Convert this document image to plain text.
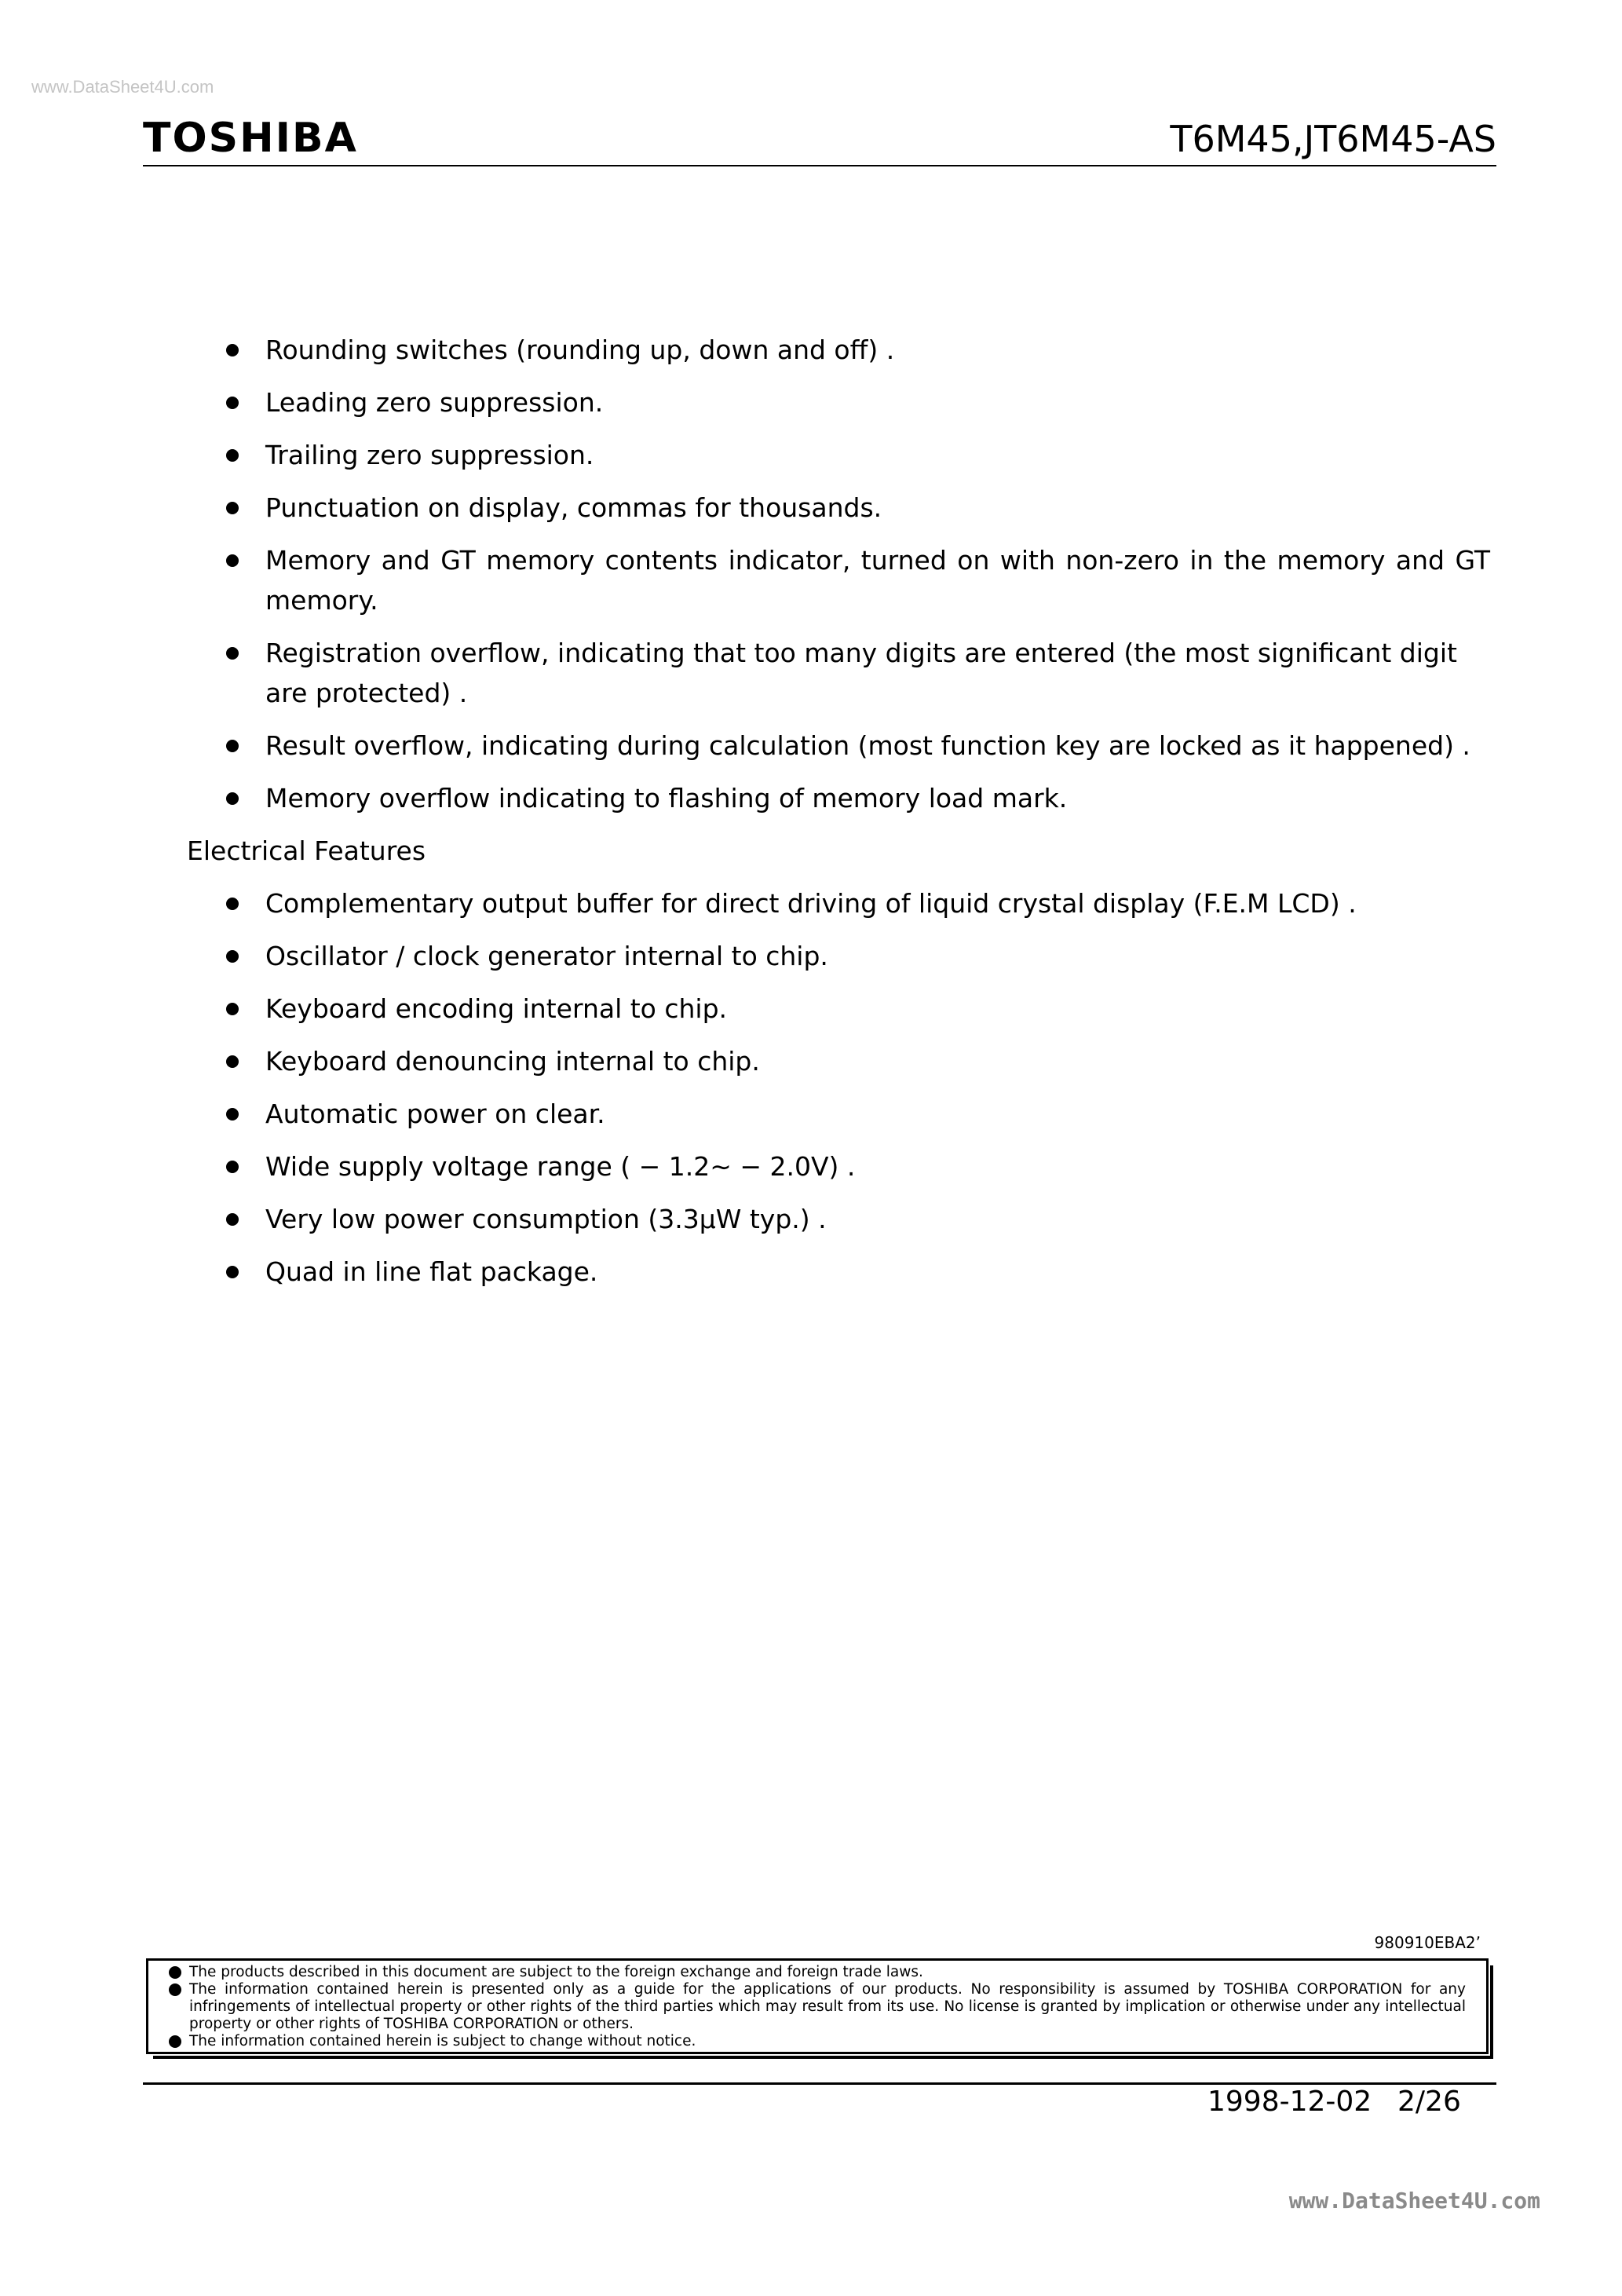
www.DataSheet4U.com
TOSHIBA	T6M45,JT6M45-AS
Rounding switches (rounding up, down and off) .
Leading zero suppression.
Trailing zero suppression.
Punctuation on display, commas for thousands.
Memory and GT memory contents indicator, turned on with non-zero in the memory and GT memory.
Registration overflow, indicating that too many digits are entered (the most significant digit are protected) .
Result overflow, indicating during calculation (most function key are locked as it happened) .
Memory overflow indicating to flashing of memory load mark.
Electrical Features
Complementary output buffer for direct driving of liquid crystal display (F.E.M LCD) .
Oscillator / clock generator internal to chip.
Keyboard encoding internal to chip.
Keyboard denouncing internal to chip.
Automatic power on clear.
Wide supply voltage range ( − 1.2∼ − 2.0V) .
Very low power consumption (3.3μW typ.) .
Quad in line flat package.
980910EBA2’
The products described in this document are subject to the foreign exchange and foreign trade laws.
The information contained herein is presented only as a guide for the applications of our products. No responsibility is assumed by TOSHIBA CORPORATION for any infringements of intellectual property or other rights of the third parties which may result from its use. No license is granted by implication or otherwise under any intellectual property or other rights of TOSHIBA CORPORATION or others.
The information contained herein is subject to change without notice.
1998-12-02 2/26
www.DataSheet4U.com
